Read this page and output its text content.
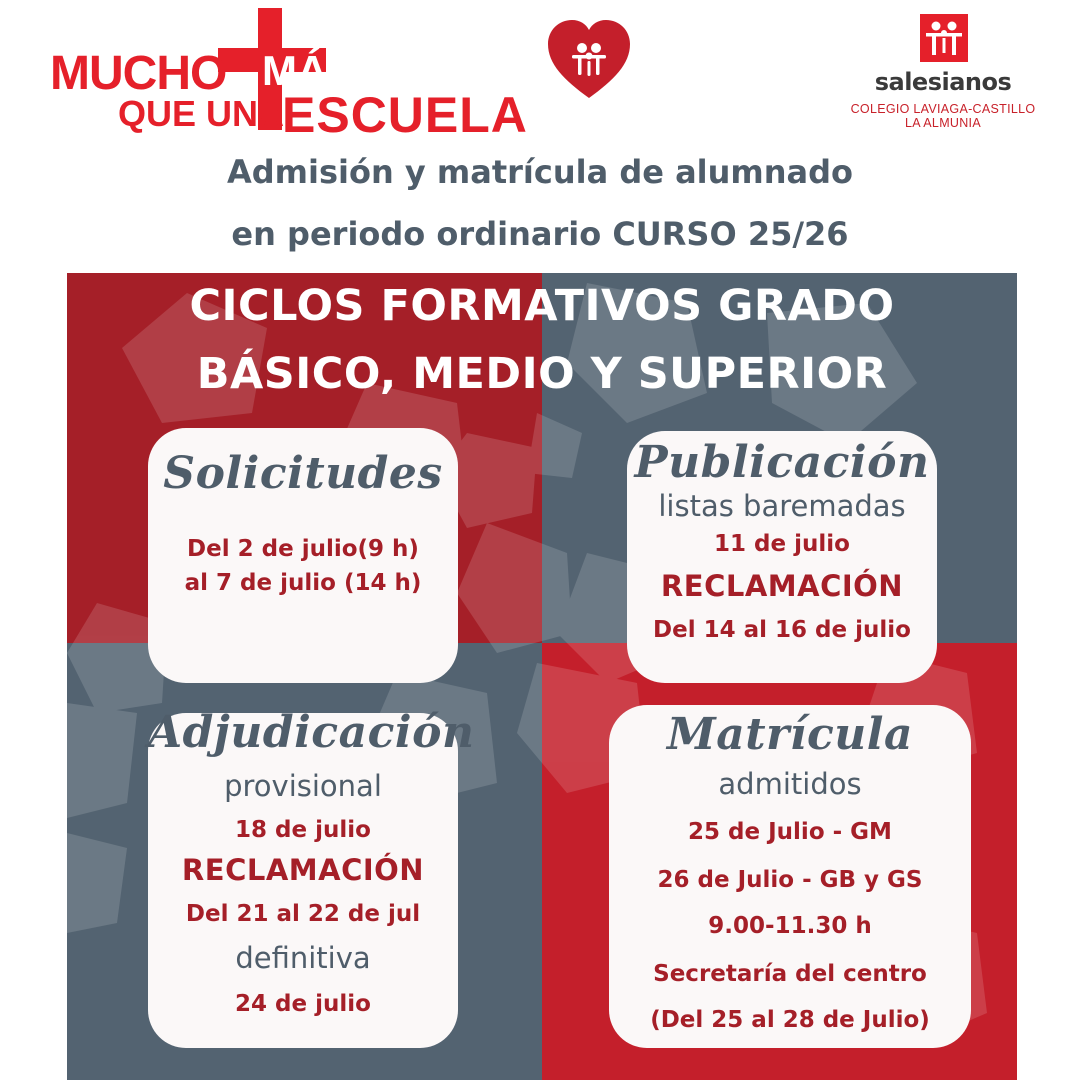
MUCHO MÁS
QUE UNA
ESCUELA
salesianos
COLEGIO LAVIAGA-CASTILLO
LA ALMUNIA
Admisión y matrícula de alumnado
en periodo ordinario CURSO 25/26
CICLOS FORMATIVOS GRADO
BÁSICO, MEDIO Y SUPERIOR
Solicitudes
Del 2 de julio(9 h)
al 7 de julio (14 h)
Publicación
listas baremadas
11 de julio
RECLAMACIÓN
Del 14 al 16 de julio
Adjudicación
provisional
18 de julio
RECLAMACIÓN
Del 21 al 22 de jul
definitiva
24 de julio
Matrícula
admitidos
25 de Julio - GM
26 de Julio - GB y GS
9.00-11.30 h
Secretaría del centro
(Del 25 al 28 de Julio)
